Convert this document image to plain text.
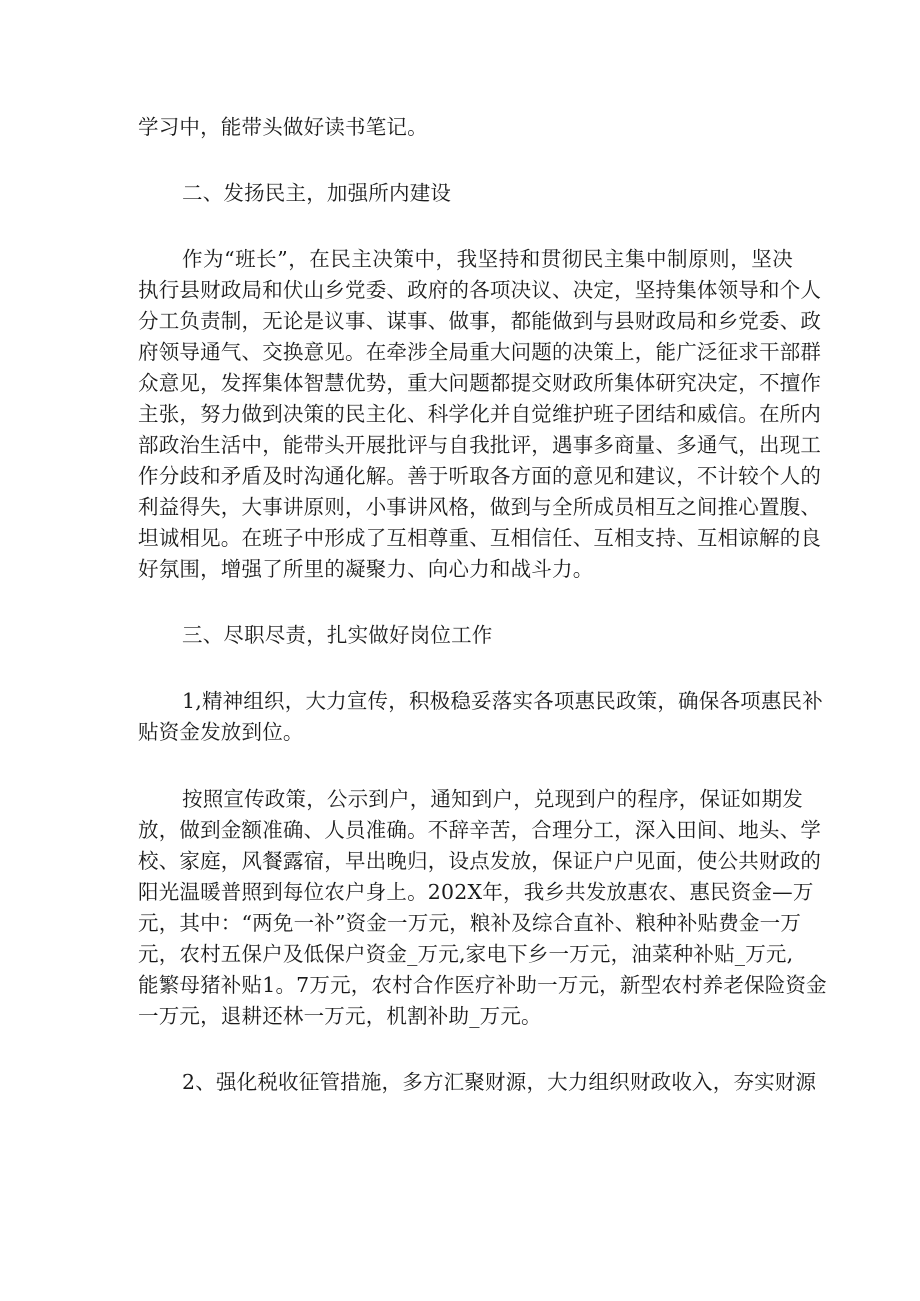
学习中，能带头做好读书笔记。
二、发扬民主，加强所内建设
作为“班长”，在民主决策中，我坚持和贯彻民主集中制原则，坚决
执行县财政局和伏山乡党委、政府的各项决议、决定，坚持集体领导和个人
分工负责制，无论是议事、谋事、做事，都能做到与县财政局和乡党委、政
府领导通气、交换意见。在牵涉全局重大问题的决策上，能广泛征求干部群
众意见，发挥集体智慧优势，重大问题都提交财政所集体研究决定，不擅作
主张，努力做到决策的民主化、科学化并自觉维护班子团结和威信。在所内
部政治生活中，能带头开展批评与自我批评，遇事多商量、多通气，出现工
作分歧和矛盾及时沟通化解。善于听取各方面的意见和建议，不计较个人的
利益得失，大事讲原则，小事讲风格，做到与全所成员相互之间推心置腹、
坦诚相见。在班子中形成了互相尊重、互相信任、互相支持、互相谅解的良
好氛围，增强了所里的凝聚力、向心力和战斗力。
三、尽职尽责，扎实做好岗位工作
1,精神组织，大力宣传，积极稳妥落实各项惠民政策，确保各项惠民补
贴资金发放到位。
按照宣传政策，公示到户，通知到户，兑现到户的程序，保证如期发
放，做到金额准确、人员准确。不辞辛苦，合理分工，深入田间、地头、学
校、家庭，风餐露宿，早出晚归，设点发放，保证户户见面，使公共财政的
阳光温暖普照到每位农户身上。202X年，我乡共发放惠农、惠民资金—万
元，其中：“两免一补”资金一万元，粮补及综合直补、粮种补贴费金一万
元，农村五保户及低保户资金_万元,家电下乡一万元，油菜种补贴_万元,
能繁母猪补贴1。7万元，农村合作医疗补助一万元，新型农村养老保险资金
一万元，退耕还林一万元，机割补助_万元。
2、强化税收征管措施，多方汇聚财源，大力组织财政收入，夯实财源
